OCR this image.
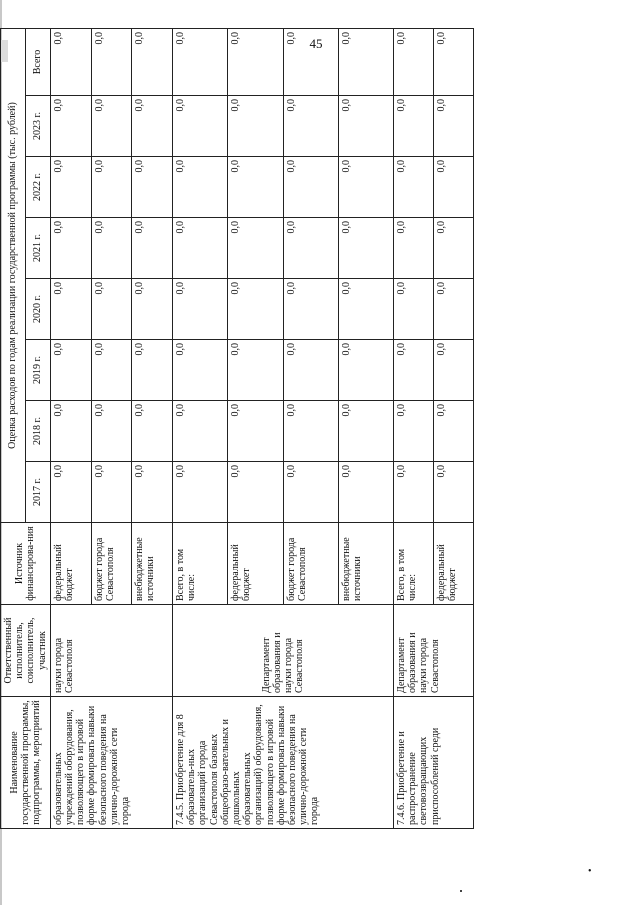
45
Наименование государственной программы, подпрограммы, мероприятий	Ответственный исполнитель, соисполнитель, участник	Источник финансирова-ния	Оценка расходов по годам реализации государственной программы (тыс. рублей)							
			2017 г.	2018 г.	2019 г.	2020 г.	2021 г.	2022 г.	2023 г.	Всего
образовательных учреждений оборудования, позволяющего в игровой форме формировать навыки безопасного поведения на улично-дорожной сети города	науки города Севастополя	федеральный бюджет	0,0	0,0	0,0	0,0	0,0	0,0	0,0	0,0
		бюджет города Севастополя	0,0	0,0	0,0	0,0	0,0	0,0	0,0	0,0
		внебюджетные источники	0,0	0,0	0,0	0,0	0,0	0,0	0,0	0,0
7.4.5. Приобретение для 8 образователь-ных организаций города Севастополя базовых общеобразо-вательных и дошкольных образовательных организаций) оборудования, позволяющего в игровой форме формировать навыки безопасного поведения на улично-дорожной сети города	Департамент образования и науки города Севастополя	Всего, в том числе:	0,0	0,0	0,0	0,0	0,0	0,0	0,0	0,0
		федеральный бюджет	0,0	0,0	0,0	0,0	0,0	0,0	0,0	0,0
		бюджет города Севастополя	0,0	0,0	0,0	0,0	0,0	0,0	0,0	0,0
		внебюджетные источники	0,0	0,0	0,0	0,0	0,0	0,0	0,0	0,0
7.4.6. Приобретение и распространение световозвращающих приспособлений среди	Департамент образования и науки города Севастополя	Всего, в том числе:	0,0	0,0	0,0	0,0	0,0	0,0	0,0	0,0
		федеральный бюджет	0,0	0,0	0,0	0,0	0,0	0,0	0,0	0,0
•
